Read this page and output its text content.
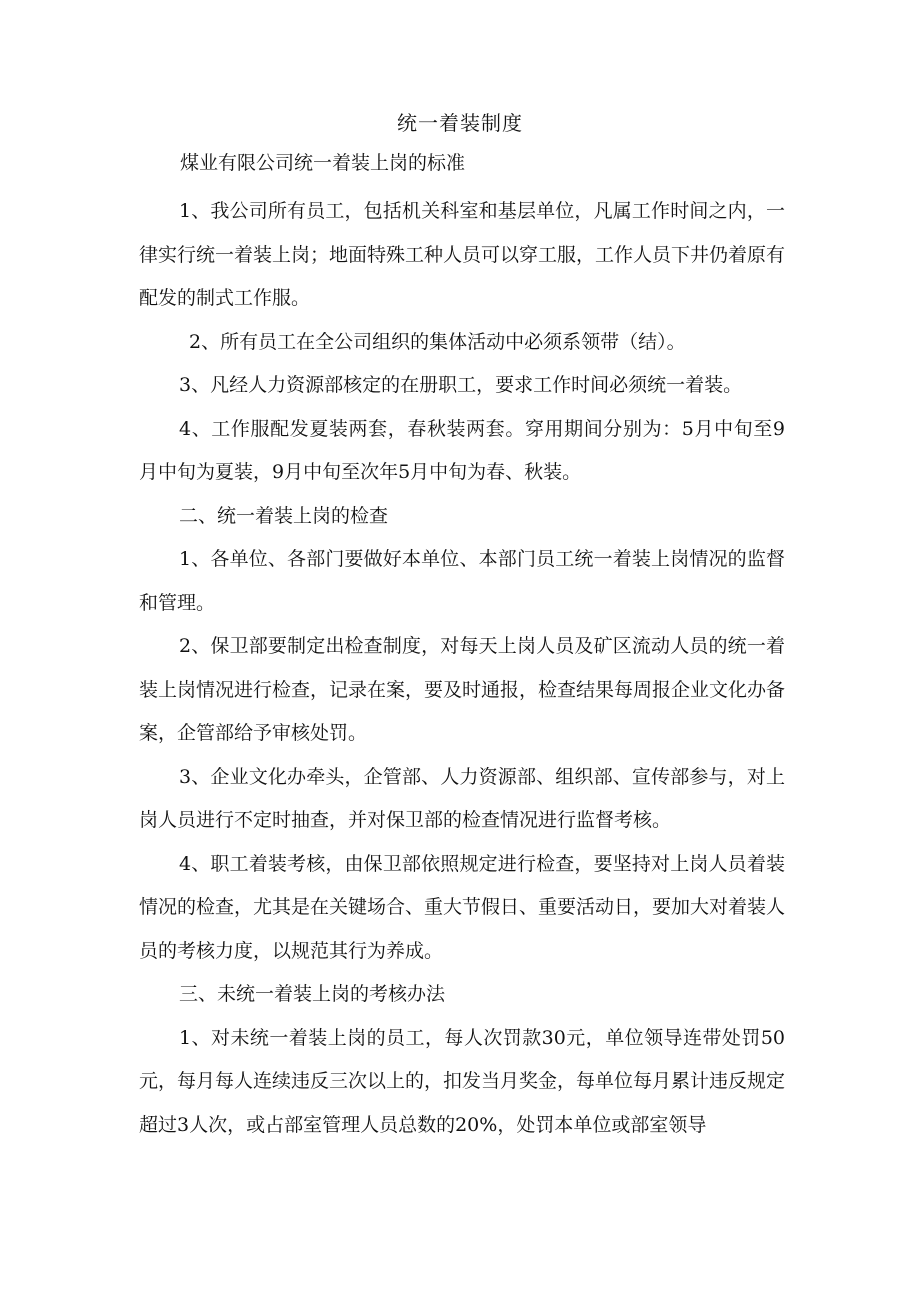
统一着装制度
煤业有限公司统一着装上岗的标准

1、我公司所有员工，包括机关科室和基层单位，凡属工作时间之内，一律实行统一着装上岗；地面特殊工种人员可以穿工服，工作人员下井仍着原有配发的制式工作服。

2、所有员工在全公司组织的集体活动中必须系领带（结）。

3、凡经人力资源部核定的在册职工，要求工作时间必须统一着装。

4、工作服配发夏装两套，春秋装两套。穿用期间分别为：5月中旬至9月中旬为夏装，9月中旬至次年5月中旬为春、秋装。

二、统一着装上岗的检查

1、各单位、各部门要做好本单位、本部门员工统一着装上岗情况的监督和管理。

2、保卫部要制定出检查制度，对每天上岗人员及矿区流动人员的统一着装上岗情况进行检查，记录在案，要及时通报，检查结果每周报企业文化办备案，企管部给予审核处罚。

3、企业文化办牵头，企管部、人力资源部、组织部、宣传部参与，对上岗人员进行不定时抽查，并对保卫部的检查情况进行监督考核。

4、职工着装考核，由保卫部依照规定进行检查，要坚持对上岗人员着装情况的检查，尤其是在关键场合、重大节假日、重要活动日，要加大对着装人员的考核力度，以规范其行为养成。

三、未统一着装上岗的考核办法

1、对未统一着装上岗的员工，每人次罚款30元，单位领导连带处罚50元，每月每人连续违反三次以上的，扣发当月奖金，每单位每月累计违反规定超过3人次，或占部室管理人员总数的20%，处罚本单位或部室领导
